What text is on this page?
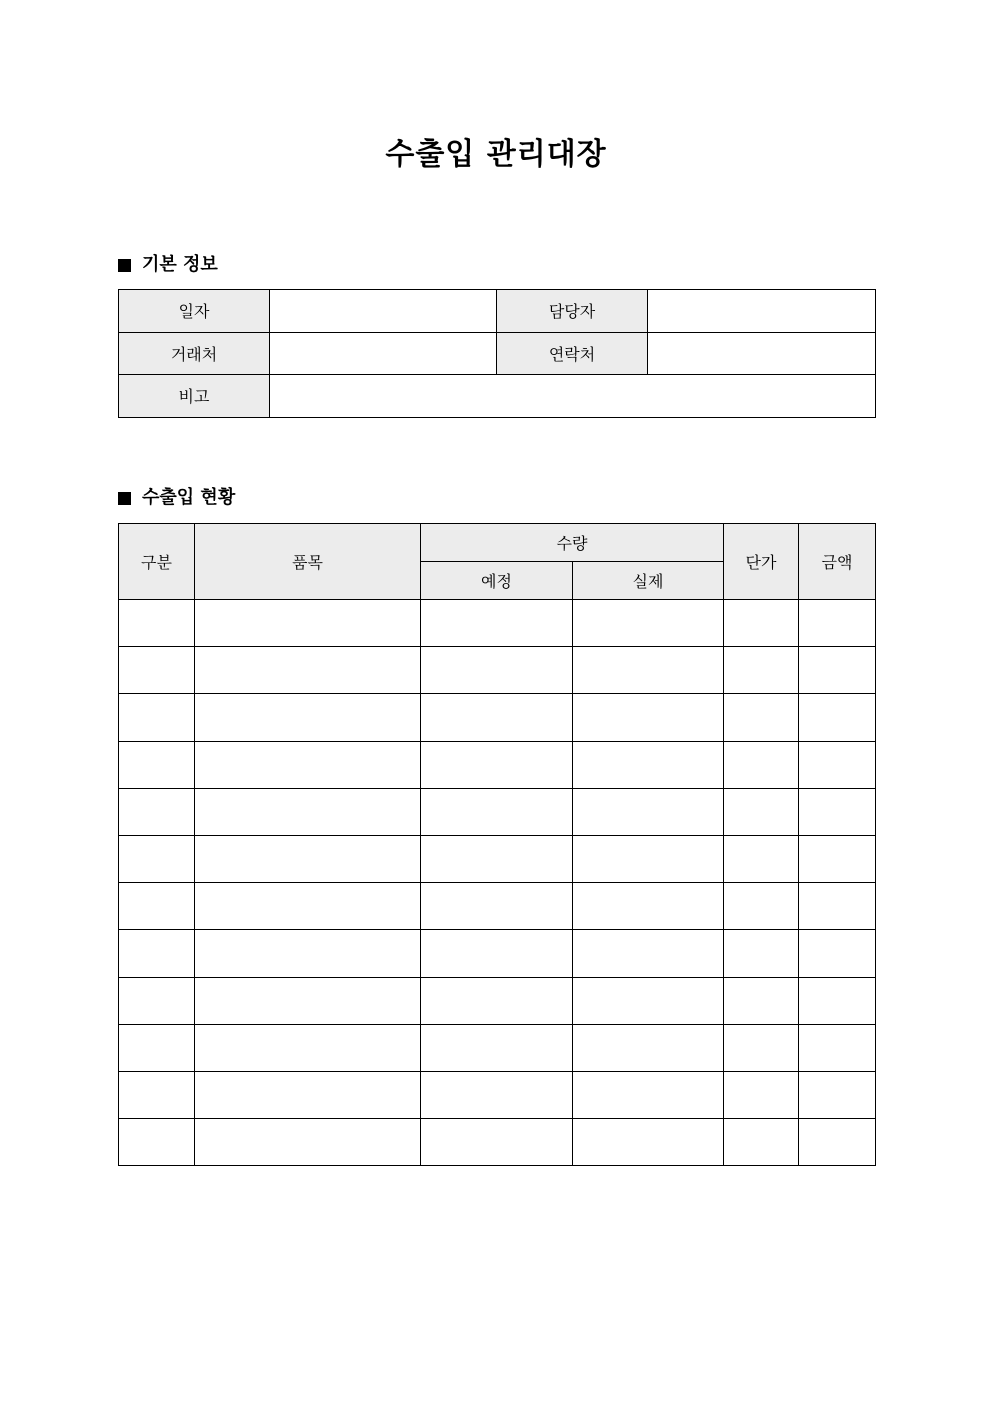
수출입 관리대장
기본 정보
일자		담당자	
거래처		연락처	
비고			
수출입 현황
구분	품목	수량		단가	금액
		예정	실제		
